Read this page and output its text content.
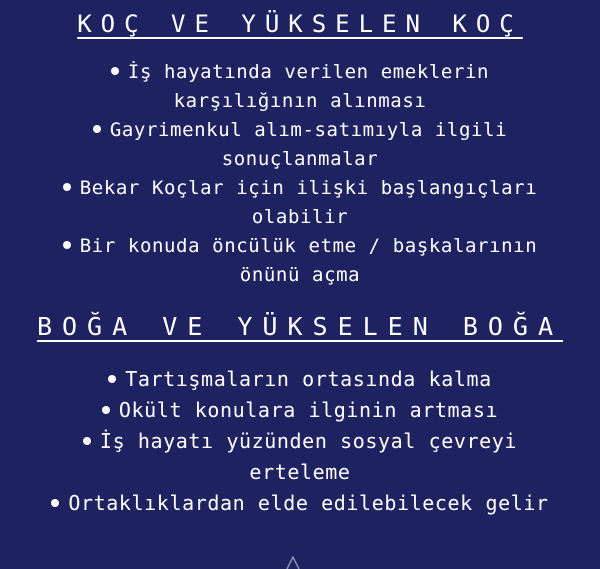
KOÇ VE YÜKSELEN KOÇ
İş hayatında verilen emeklerin karşılığının alınması
Gayrimenkul alım-satımıyla ilgili sonuçlanmalar
Bekar Koçlar için ilişki başlangıçları olabilir
Bir konuda öncülük etme / başkalarının önünü açma
BOĞA VE YÜKSELEN BOĞA
Tartışmaların ortasında kalma
Okült konulara ilginin artması
İş hayatı yüzünden sosyal çevreyi erteleme
Ortaklıklardan elde edilebilecek gelir
